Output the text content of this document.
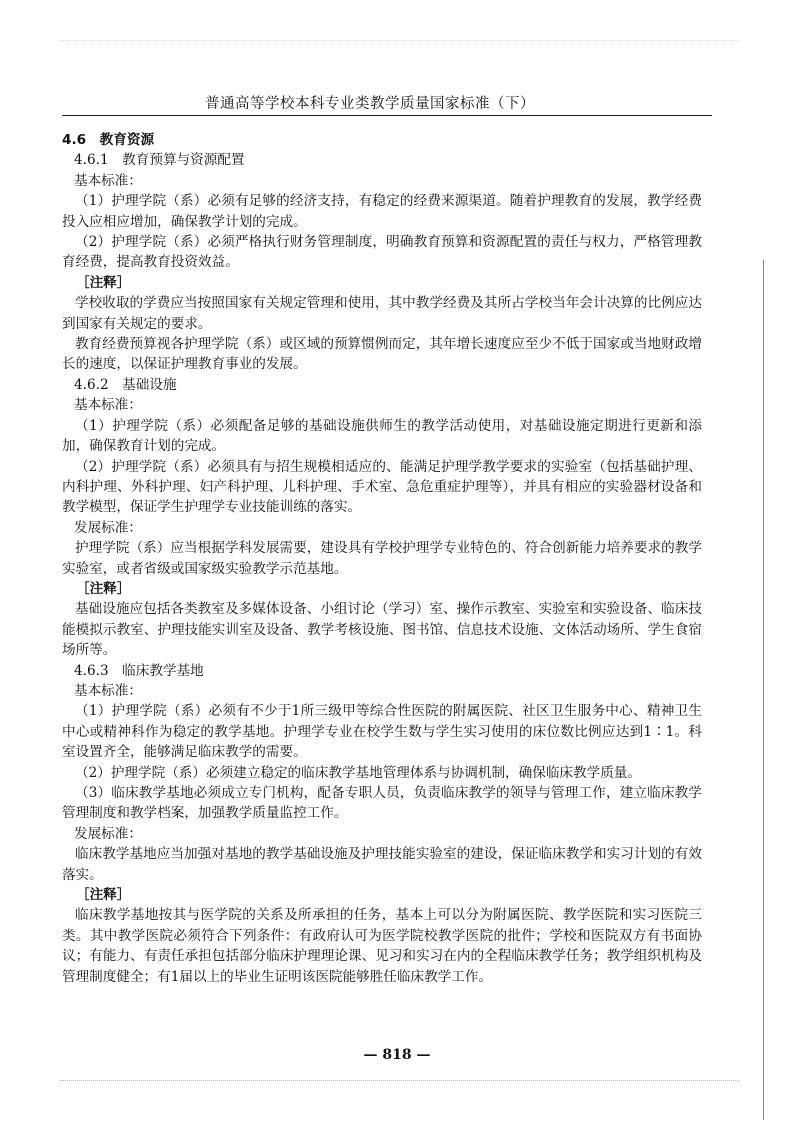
普通高等学校本科专业类教学质量国家标准（下）

4.6　教育资源

4.6.1　教育预算与资源配置

基本标准：

（1）护理学院（系）必须有足够的经济支持，有稳定的经费来源渠道。随着护理教育的发展，教学经费投入应相应增加，确保教学计划的完成。

（2）护理学院（系）必须严格执行财务管理制度，明确教育预算和资源配置的责任与权力，严格管理教育经费，提高教育投资效益。

［注释］

学校收取的学费应当按照国家有关规定管理和使用，其中教学经费及其所占学校当年会计决算的比例应达到国家有关规定的要求。

教育经费预算视各护理学院（系）或区域的预算惯例而定，其年增长速度应至少不低于国家或当地财政增长的速度，以保证护理教育事业的发展。

4.6.2　基础设施

基本标准：

（1）护理学院（系）必须配备足够的基础设施供师生的教学活动使用，对基础设施定期进行更新和添加，确保教育计划的完成。

（2）护理学院（系）必须具有与招生规模相适应的、能满足护理学教学要求的实验室（包括基础护理、内科护理、外科护理、妇产科护理、儿科护理、手术室、急危重症护理等），并具有相应的实验器材设备和教学模型，保证学生护理学专业技能训练的落实。

发展标准：

护理学院（系）应当根据学科发展需要，建设具有学校护理学专业特色的、符合创新能力培养要求的教学实验室，或者省级或国家级实验教学示范基地。

［注释］

基础设施应包括各类教室及多媒体设备、小组讨论（学习）室、操作示教室、实验室和实验设备、临床技能模拟示教室、护理技能实训室及设备、教学考核设施、图书馆、信息技术设施、文体活动场所、学生食宿场所等。

4.6.3　临床教学基地

基本标准：

（1）护理学院（系）必须有不少于1所三级甲等综合性医院的附属医院、社区卫生服务中心、精神卫生中心或精神科作为稳定的教学基地。护理学专业在校学生数与学生实习使用的床位数比例应达到1∶1。科室设置齐全，能够满足临床教学的需要。

（2）护理学院（系）必须建立稳定的临床教学基地管理体系与协调机制，确保临床教学质量。

（3）临床教学基地必须成立专门机构，配备专职人员，负责临床教学的领导与管理工作，建立临床教学管理制度和教学档案，加强教学质量监控工作。

发展标准：

临床教学基地应当加强对基地的教学基础设施及护理技能实验室的建设，保证临床教学和实习计划的有效落实。

［注释］

临床教学基地按其与医学院的关系及所承担的任务，基本上可以分为附属医院、教学医院和实习医院三类。其中教学医院必须符合下列条件：有政府认可为医学院校教学医院的批件；学校和医院双方有书面协议；有能力、有责任承担包括部分临床护理理论课、见习和实习在内的全程临床教学任务；教学组织机构及管理制度健全；有1届以上的毕业生证明该医院能够胜任临床教学工作。

— 818 —
